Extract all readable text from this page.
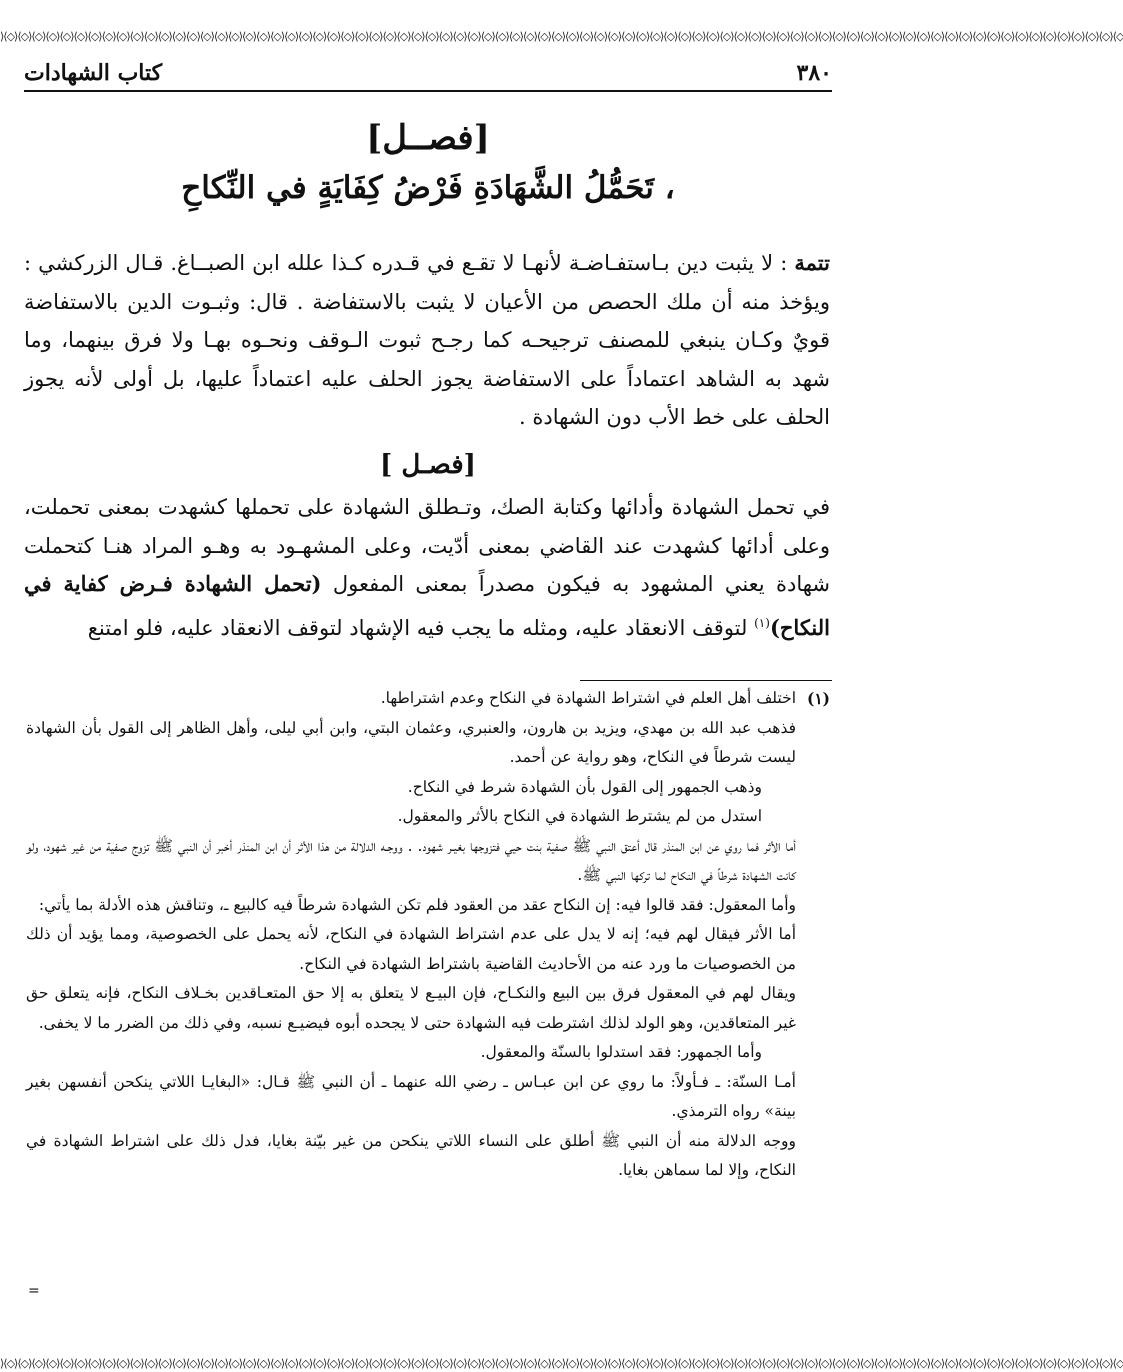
⟩⟨◇⟩⟨◇⟩⟨◇⟩⟨◇⟩⟨◇⟩⟨◇⟩⟨◇⟩⟨◇⟩⟨◇⟩⟨◇⟩⟨◇⟩⟨◇⟩⟨◇⟩⟨◇⟩⟨◇⟩⟨◇⟩⟨◇⟩⟨◇⟩⟨◇⟩⟨◇⟩⟨◇⟩⟨◇⟩⟨◇⟩⟨◇⟩⟨◇⟩⟨◇⟩⟨◇⟩⟨◇⟩⟨◇⟩⟨◇⟩⟨◇⟩⟨◇⟩⟨◇⟩⟨◇⟩⟨◇⟩⟨◇⟩⟨◇⟩⟨◇⟩⟨◇⟩⟨◇⟩⟨◇⟩⟨◇⟩⟨◇⟩⟨◇⟩⟨◇⟩⟨◇⟩⟨◇⟩⟨◇⟩⟨◇⟩⟨◇⟩⟨◇⟩⟨◇⟩⟨◇⟩⟨◇⟩⟨◇⟩⟨◇⟩⟨◇⟩⟨◇⟩⟨◇⟩⟨◇⟩⟨◇⟩⟨◇⟩⟨◇⟩⟨◇⟩⟨◇⟩⟨◇⟩⟨◇⟩⟨◇⟩⟨◇⟩⟨◇⟩⟨◇⟩⟨◇⟩⟨◇⟩⟨◇⟩⟨◇⟩⟨◇⟩⟨◇⟩⟨◇⟩⟨◇⟩⟨◇
كتاب الشهادات	٣٨٠
[فصــل]
تَحَمُّلُ الشَّهَادَةِ فَرْضُ كِفَايَةٍ في النِّكاحِ ،
تتمة : لا يثبت دين بـاستفـاضـة لأنهـا لا تقـع في قـدره كـذا علله ابن الصبــاغ. قـال الزركشي : ويؤخذ منه أن ملك الحصص من الأعيان لا يثبت بالاستفاضة . قال: وثبـوت الدين بالاستفاضة قويٌ وكـان ينبغي للمصنف ترجيحـه كما رجـح ثبوت الـوقف ونحـوه بهـا ولا فرق بينهما، وما شهد به الشاهد اعتماداً على الاستفاضة يجوز الحلف عليه اعتماداً عليها، بل أولى لأنه يجوز الحلف على خط الأب دون الشهادة .
[ فصـل]
في تحمل الشهادة وأدائها وكتابة الصك، وتـطلق الشهادة على تحملها كشهدت بمعنى تحملت، وعلى أدائها كشهدت عند القاضي بمعنى أدّيت، وعلى المشهـود به وهـو المراد هنـا كتحملت شهادة يعني المشهود به فيكون مصدراً بمعنى المفعول (تحمل الشهادة فـرض كفاية في النكاح)$^{(١)}$ لتوقف الانعقاد عليه، ومثله ما يجب فيه الإشهاد لتوقف الانعقاد عليه، فلو امتنع
(١)

اختلف أهل العلم في اشتراط الشهادة في النكاح وعدم اشتراطها.

فذهب عبد الله بن مهدي، ويزيد بن هارون، والعنبري، وعثمان البتي، وابن أبي ليلى، وأهل الظاهر إلى القول بأن الشهادة ليست شرطاً في النكاح، وهو رواية عن أحمد.

وذهب الجمهور إلى القول بأن الشهادة شرط في النكاح.

استدل من لم يشترط الشهادة في النكاح بالأثر والمعقول.

أما الأثر فما روي عن ابن المنذر قال أعتق النبي ﷺ صفية بنت حيي فتزوجها بغيـر شهود. . ووجـه الدلالة من هذا الأثر أن ابن المنذر أخبر أن النبي ﷺ تزوج صفية من غير شهود، ولو كانت الشهادة شرطاً في النكاح لما تركها النبي ﷺ.

وأما المعقول: فقد قالوا فيه: إن النكاح عقد من العقود فلم تكن الشهادة شرطاً فيه كالبيع ـ، وتناقش هذه الأدلة بما يأتي:

أما الأثر فيقال لهم فيه؛ إنه لا يدل على عدم اشتراط الشهادة في النكاح، لأنه يحمل على الخصوصية، ومما يؤيد أن ذلك من الخصوصيات ما ورد عنه من الأحاديث القاضية باشتراط الشهادة في النكاح.

ويقال لهم في المعقول فرق بين البيع والنكـاح، فإن البيـع لا يتعلق به إلا حق المتعـاقدين بخـلاف النكاح، فإنه يتعلق حق غير المتعاقدين، وهو الولد لذلك اشترطت فيه الشهادة حتى لا يجحده أبوه فيضيـع نسبه، وفي ذلك من الضرر ما لا يخفى.

وأما الجمهور: فقد استدلوا بالسنّة والمعقول.

أمـا السنّة: ـ فـأولاً: ما روي عن ابن عبـاس ـ رضي الله عنهما ـ أن النبي ﷺ قـال: «البغايـا اللاتي ينكحن أنفسهن بغير بينة» رواه الترمذي.

ووجه الدلالة منه أن النبي ﷺ أطلق على النساء اللاتي ينكحن من غير بيّنة بغايا، فدل ذلك على اشتراط الشهادة في النكاح، وإلا لما سماهن بغايا.

=
⟩⟨◇⟩⟨◇⟩⟨◇⟩⟨◇⟩⟨◇⟩⟨◇⟩⟨◇⟩⟨◇⟩⟨◇⟩⟨◇⟩⟨◇⟩⟨◇⟩⟨◇⟩⟨◇⟩⟨◇⟩⟨◇⟩⟨◇⟩⟨◇⟩⟨◇⟩⟨◇⟩⟨◇⟩⟨◇⟩⟨◇⟩⟨◇⟩⟨◇⟩⟨◇⟩⟨◇⟩⟨◇⟩⟨◇⟩⟨◇⟩⟨◇⟩⟨◇⟩⟨◇⟩⟨◇⟩⟨◇⟩⟨◇⟩⟨◇⟩⟨◇⟩⟨◇⟩⟨◇⟩⟨◇⟩⟨◇⟩⟨◇⟩⟨◇⟩⟨◇⟩⟨◇⟩⟨◇⟩⟨◇⟩⟨◇⟩⟨◇⟩⟨◇⟩⟨◇⟩⟨◇⟩⟨◇⟩⟨◇⟩⟨◇⟩⟨◇⟩⟨◇⟩⟨◇⟩⟨◇⟩⟨◇⟩⟨◇⟩⟨◇⟩⟨◇⟩⟨◇⟩⟨◇⟩⟨◇⟩⟨◇⟩⟨◇⟩⟨◇⟩⟨◇⟩⟨◇⟩⟨◇⟩⟨◇⟩⟨◇⟩⟨◇⟩⟨◇⟩⟨◇⟩⟨◇⟩⟨◇
